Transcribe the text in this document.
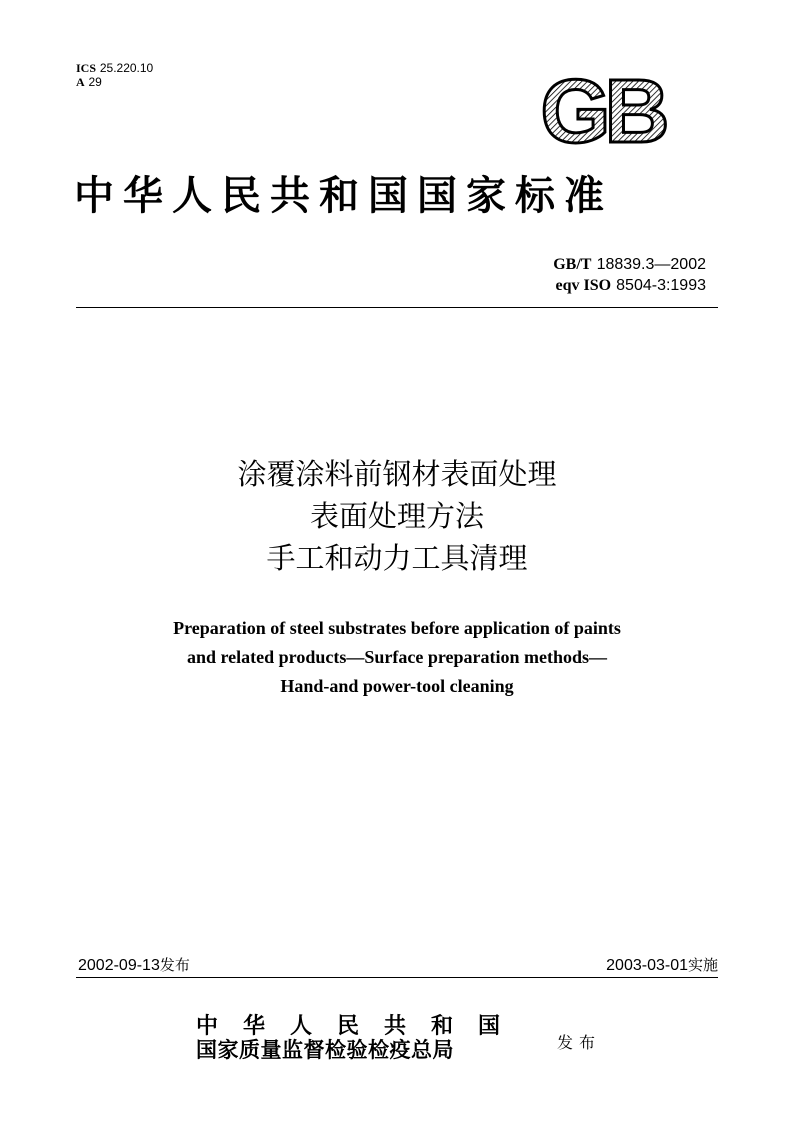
ICS 25.220.10
A 29	GB
中华人民共和国国家标准
GB/T 18839.3—2002
eqv ISO 8504-3:1993
涂覆涂料前钢材表面处理
表面处理方法
手工和动力工具清理
Preparation of steel substrates before application of paints
and related products—Surface preparation methods—
Hand-and power-tool cleaning
2002-09-13发布	2003-03-01实施
中华人民共和国
国家质量监督检验检疫总局	发布
